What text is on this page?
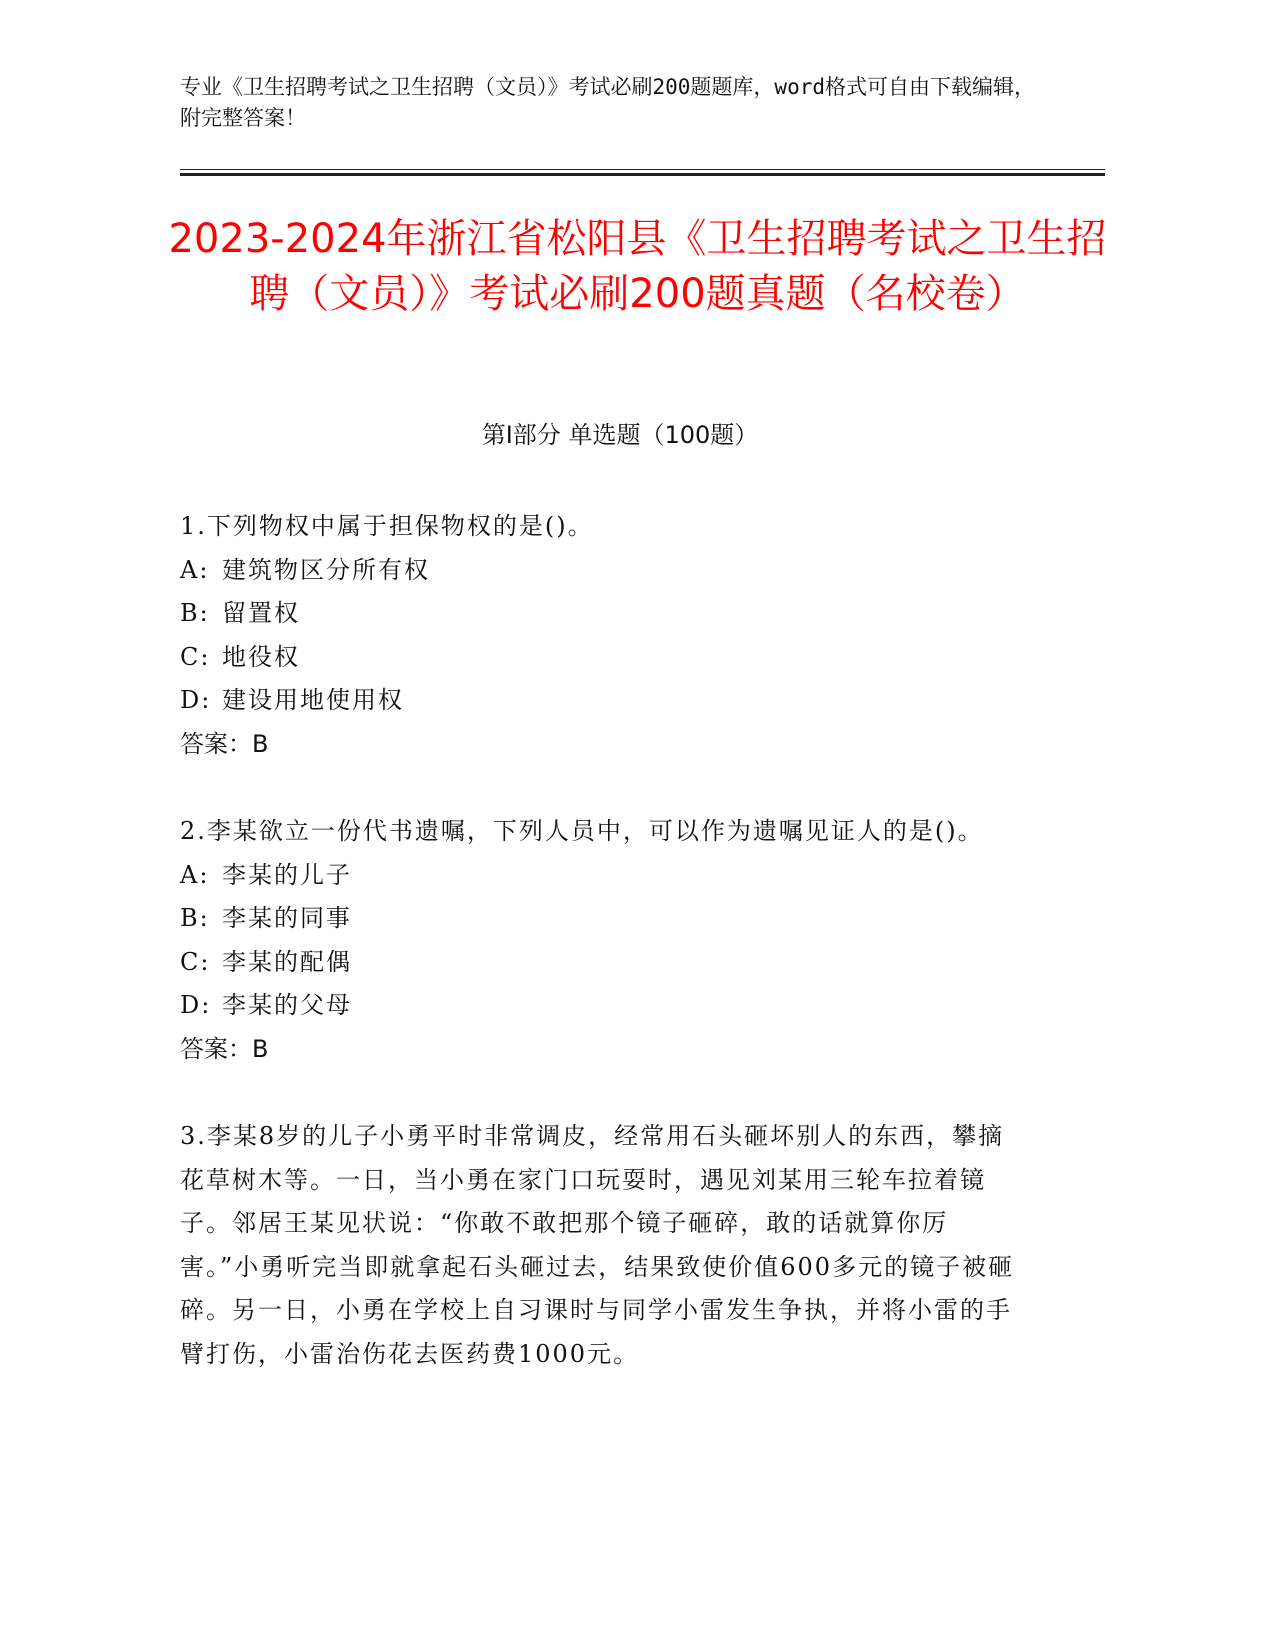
专业《卫生招聘考试之卫生招聘（文员）》考试必刷200题题库，word格式可自由下载编辑，附完整答案！
2023-2024年浙江省松阳县《卫生招聘考试之卫生招聘（文员）》考试必刷200题真题（名校卷）
第I部分 单选题（100题）
1.下列物权中属于担保物权的是()。
A: 建筑物区分所有权
B: 留置权
C: 地役权
D: 建设用地使用权
答案：B
2.李某欲立一份代书遗嘱，下列人员中，可以作为遗嘱见证人的是()。
A: 李某的儿子
B: 李某的同事
C: 李某的配偶
D: 李某的父母
答案：B
3.李某8岁的儿子小勇平时非常调皮，经常用石头砸坏别人的东西，攀摘花草树木等。一日，当小勇在家门口玩耍时，遇见刘某用三轮车拉着镜子。邻居王某见状说：“你敢不敢把那个镜子砸碎，敢的话就算你厉害。”小勇听完当即就拿起石头砸过去，结果致使价值600多元的镜子被砸碎。另一日，小勇在学校上自习课时与同学小雷发生争执，并将小雷的手臂打伤，小雷治伤花去医药费1000元。
